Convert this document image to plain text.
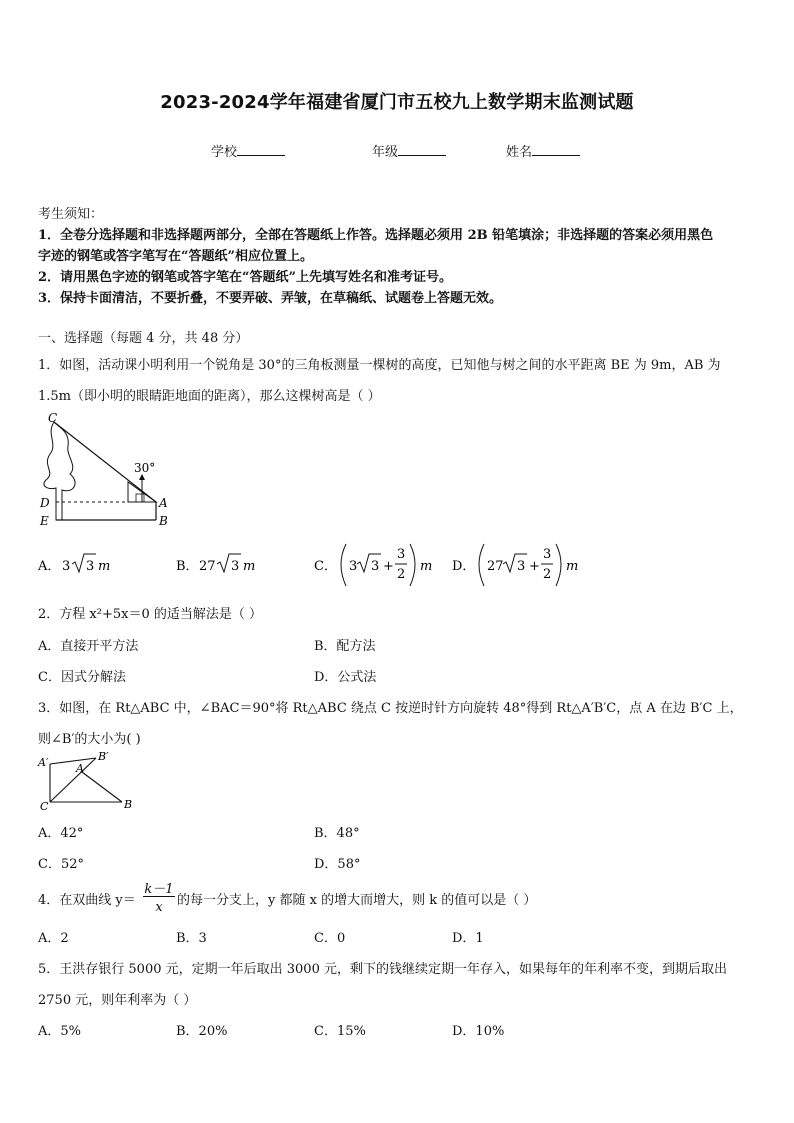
2023-2024学年福建省厦门市五校九上数学期末监测试题
学校	年级	姓名
考生须知：
1．全卷分选择题和非选择题两部分，全部在答题纸上作答。选择题必须用 2B 铅笔填涂；非选择题的答案必须用黑色
字迹的钢笔或答字笔写在“答题纸”相应位置上。
2．请用黑色字迹的钢笔或答字笔在“答题纸”上先填写姓名和准考证号。
3．保持卡面清洁，不要折叠，不要弄破、弄皱，在草稿纸、试题卷上答题无效。
一、选择题（每题 4 分，共 48 分）
1．如图，活动课小明利用一个锐角是 30°的三角板测量一棵树的高度，已知他与树之间的水平距离 BE 为 9m，AB 为
1.5m（即小明的眼睛距地面的距离），那么这棵树高是（ ）
30°
C
D
E
A
B
A． 3 3 m	B． 27 3 m	C． 3 3 +
3
2
m D． 27 3 +
3
2
m
2．方程 x²+5x＝0 的适当解法是（ ）
A．直接开平方法	B．配方法
C．因式分解法	D．公式法
3．如图，在 Rt△ABC 中，∠BAC＝90°将 Rt△ABC 绕点 C 按逆时针方向旋转 48°得到 Rt△A′B′C，点 A 在边 B′C 上，
则∠B′的大小为( )
A′	A
B′
C	B
A．42°	B．48°
C．52°	D．58°
4．在双曲线 y＝
k－1
x	的每一分支上，y 都随 x 的增大而增大，则 k 的值可以是（ ）
A．2	B．3	C．0	D．1
5．王洪存银行 5000 元，定期一年后取出 3000 元，剩下的钱继续定期一年存入，如果每年的年利率不变，到期后取出
2750 元，则年利率为（ ）
A．5%	B．20%	C．15%	D．10%
